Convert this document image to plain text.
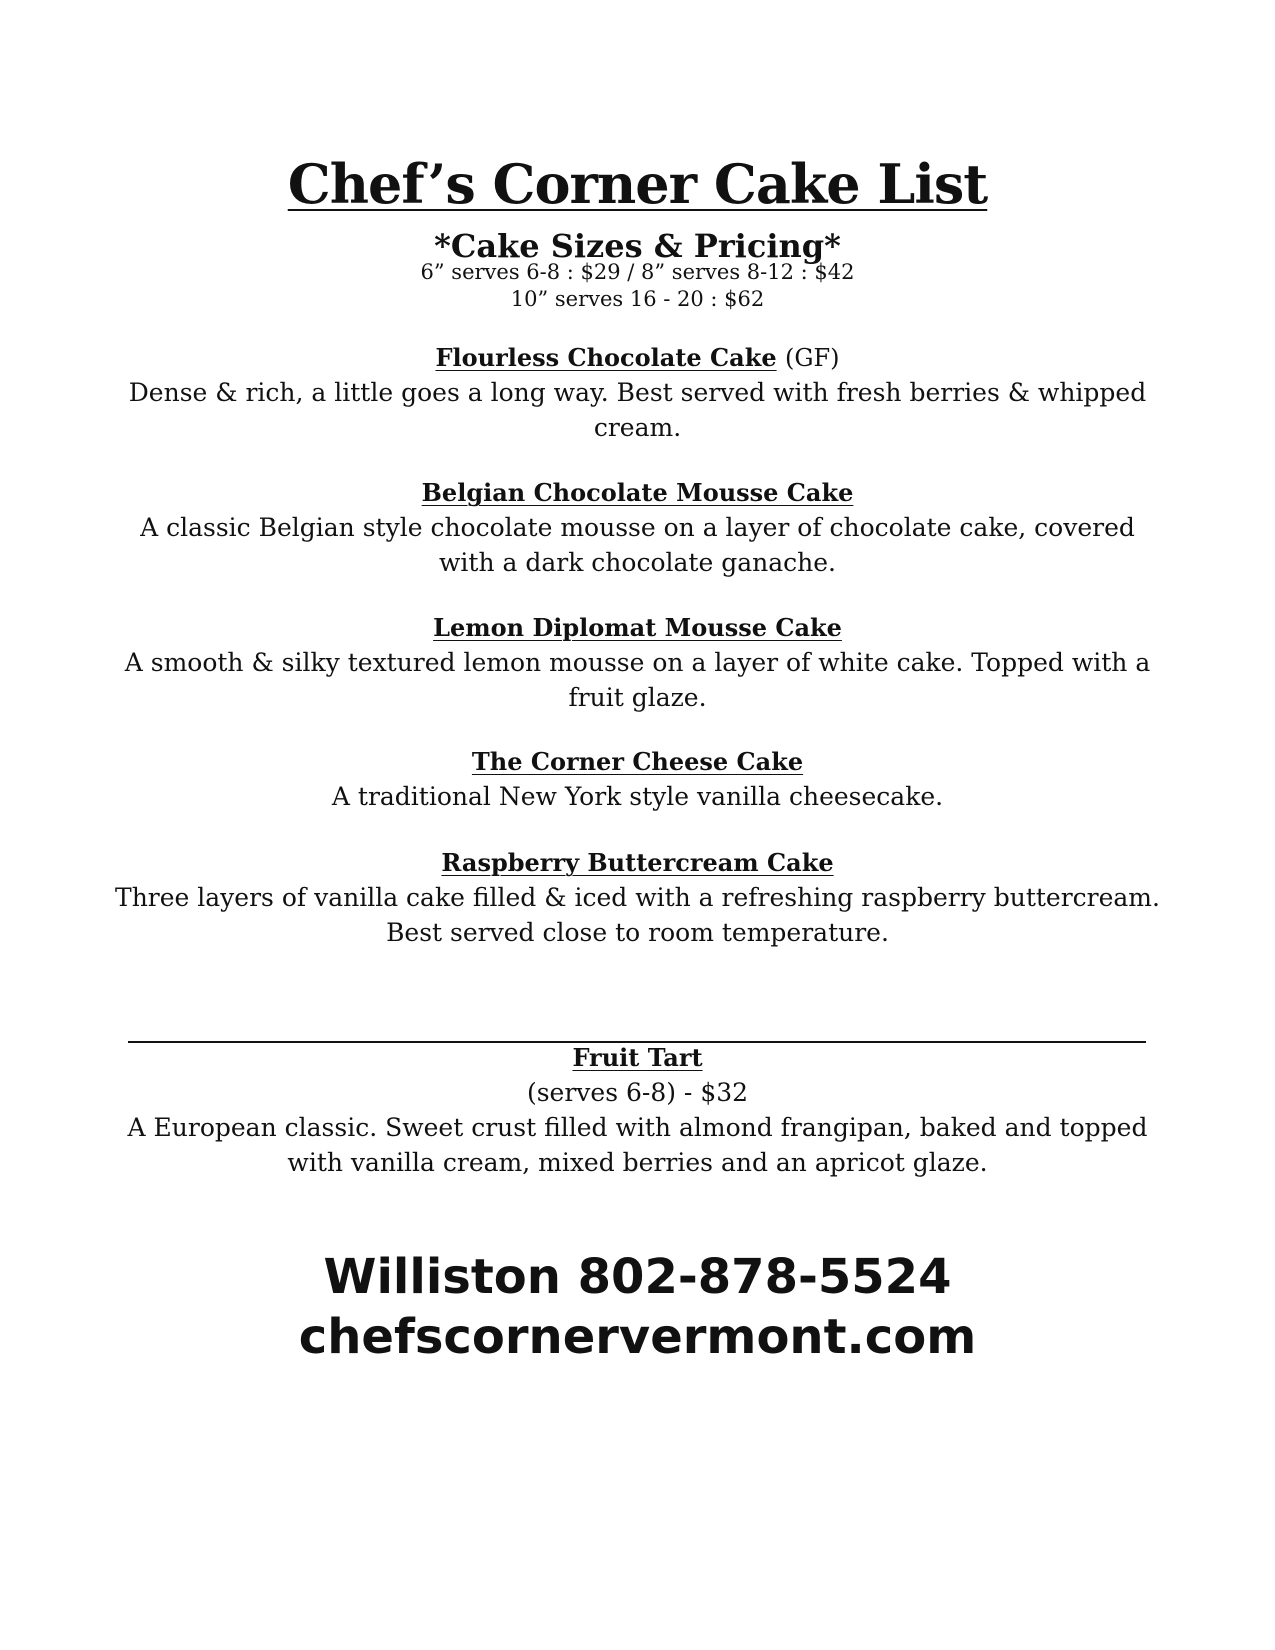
Chef’s Corner Cake List
*Cake Sizes & Pricing*
6” serves 6-8 : $29 / 8” serves 8-12 : $42
10” serves 16 - 20 : $62

Flourless Chocolate Cake (GF)

Dense & rich, a little goes a long way. Best served with fresh berries & whipped cream.

Belgian Chocolate Mousse Cake

A classic Belgian style chocolate mousse on a layer of chocolate cake, covered with a dark chocolate ganache.

Lemon Diplomat Mousse Cake

A smooth & silky textured lemon mousse on a layer of white cake. Topped with a fruit glaze.

The Corner Cheese Cake

A traditional New York style vanilla cheesecake.

Raspberry Buttercream Cake

Three layers of vanilla cake filled & iced with a refreshing raspberry buttercream. Best served close to room temperature.

Fruit Tart

(serves 6-8) - $32

A European classic. Sweet crust filled with almond frangipan, baked and topped with vanilla cream, mixed berries and an apricot glaze.

Williston 802-878-5524
chefscornervermont.com
